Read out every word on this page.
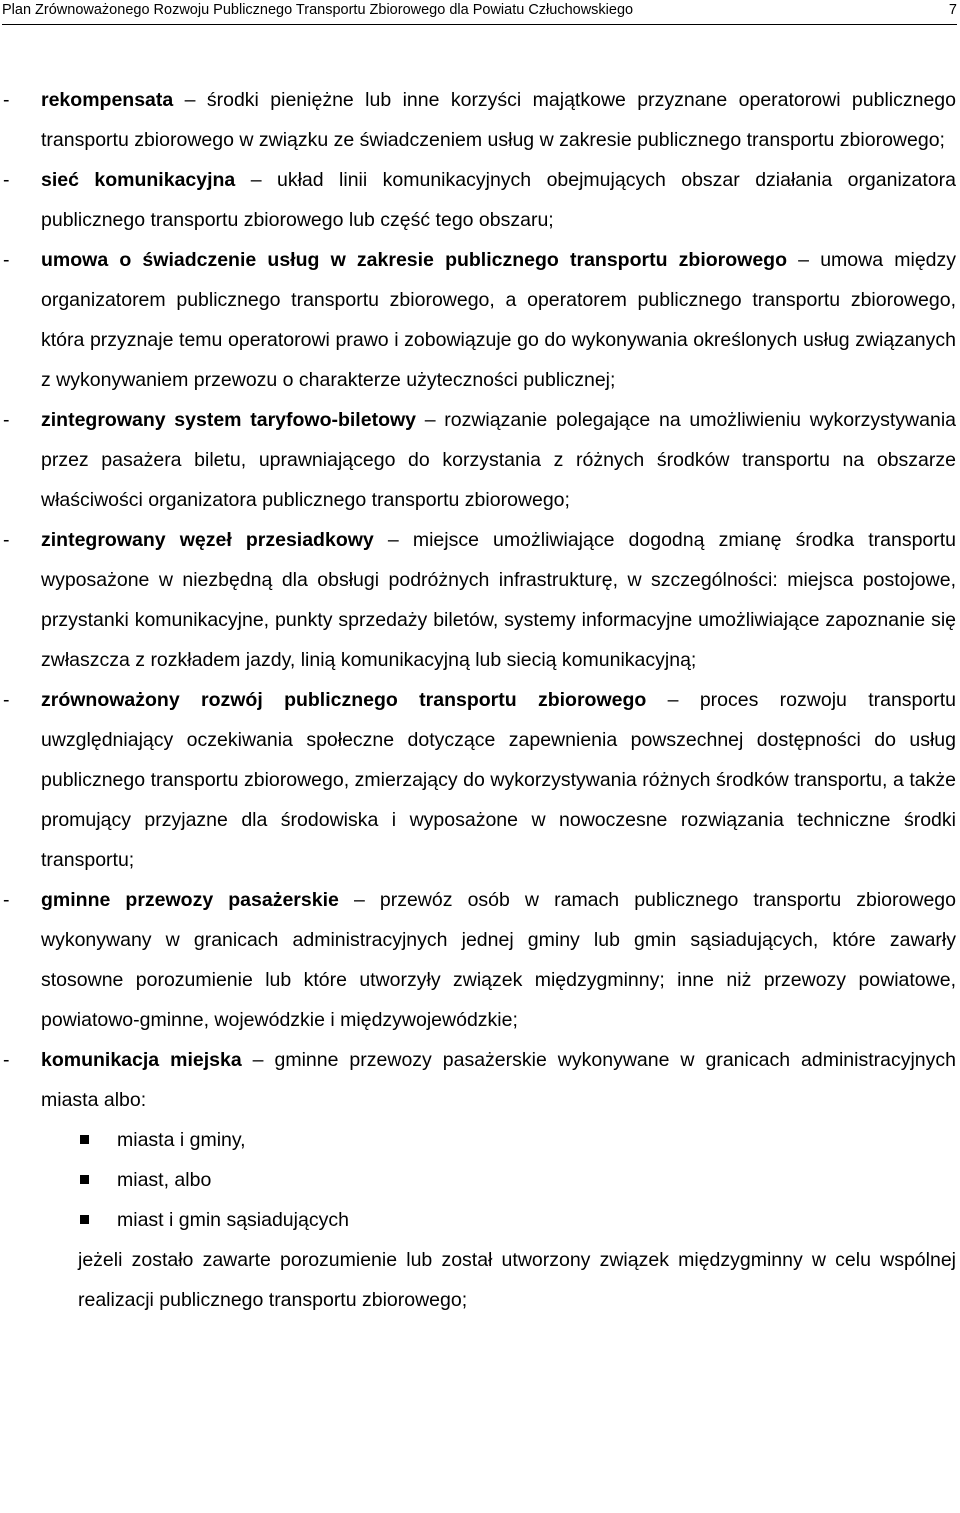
Plan Zrównoważonego Rozwoju Publicznego Transportu Zbiorowego dla Powiatu Człuchowskiego	7
- rekompensata – środki pieniężne lub inne korzyści majątkowe przyznane operatorowi publicznego transportu zbiorowego w związku ze świadczeniem usług w zakresie publicznego transportu zbiorowego;
- sieć komunikacyjna – układ linii komunikacyjnych obejmujących obszar działania organizatora publicznego transportu zbiorowego lub część tego obszaru;
- umowa o świadczenie usług w zakresie publicznego transportu zbiorowego – umowa między organizatorem publicznego transportu zbiorowego, a operatorem publicznego transportu zbiorowego, która przyznaje temu operatorowi prawo i zobowiązuje go do wykonywania określonych usług związanych z wykonywaniem przewozu o charakterze użyteczności publicznej;
- zintegrowany system taryfowo-biletowy – rozwiązanie polegające na umożliwieniu wykorzystywania przez pasażera biletu, uprawniającego do korzystania z różnych środków transportu na obszarze właściwości organizatora publicznego transportu zbiorowego;
- zintegrowany węzeł przesiadkowy – miejsce umożliwiające dogodną zmianę środka transportu wyposażone w niezbędną dla obsługi podróżnych infrastrukturę, w szczególności: miejsca postojowe, przystanki komunikacyjne, punkty sprzedaży biletów, systemy informacyjne umożliwiające zapoznanie się zwłaszcza z rozkładem jazdy, linią komunikacyjną lub siecią komunikacyjną;
- zrównoważony rozwój publicznego transportu zbiorowego – proces rozwoju transportu uwzględniający oczekiwania społeczne dotyczące zapewnienia powszechnej dostępności do usług publicznego transportu zbiorowego, zmierzający do wykorzystywania różnych środków transportu, a także promujący przyjazne dla środowiska i wyposażone w nowoczesne rozwiązania techniczne środki transportu;
- gminne przewozy pasażerskie – przewóz osób w ramach publicznego transportu zbiorowego wykonywany w granicach administracyjnych jednej gminy lub gmin sąsiadujących, które zawarły stosowne porozumienie lub które utworzyły związek międzygminny; inne niż przewozy powiatowe, powiatowo-gminne, wojewódzkie i międzywojewódzkie;
- komunikacja miejska – gminne przewozy pasażerskie wykonywane w granicach administracyjnych miasta albo:
miasta i gminy,
miast, albo
miast i gmin sąsiadujących
jeżeli zostało zawarte porozumienie lub został utworzony związek międzygminny w celu wspólnej realizacji publicznego transportu zbiorowego;
